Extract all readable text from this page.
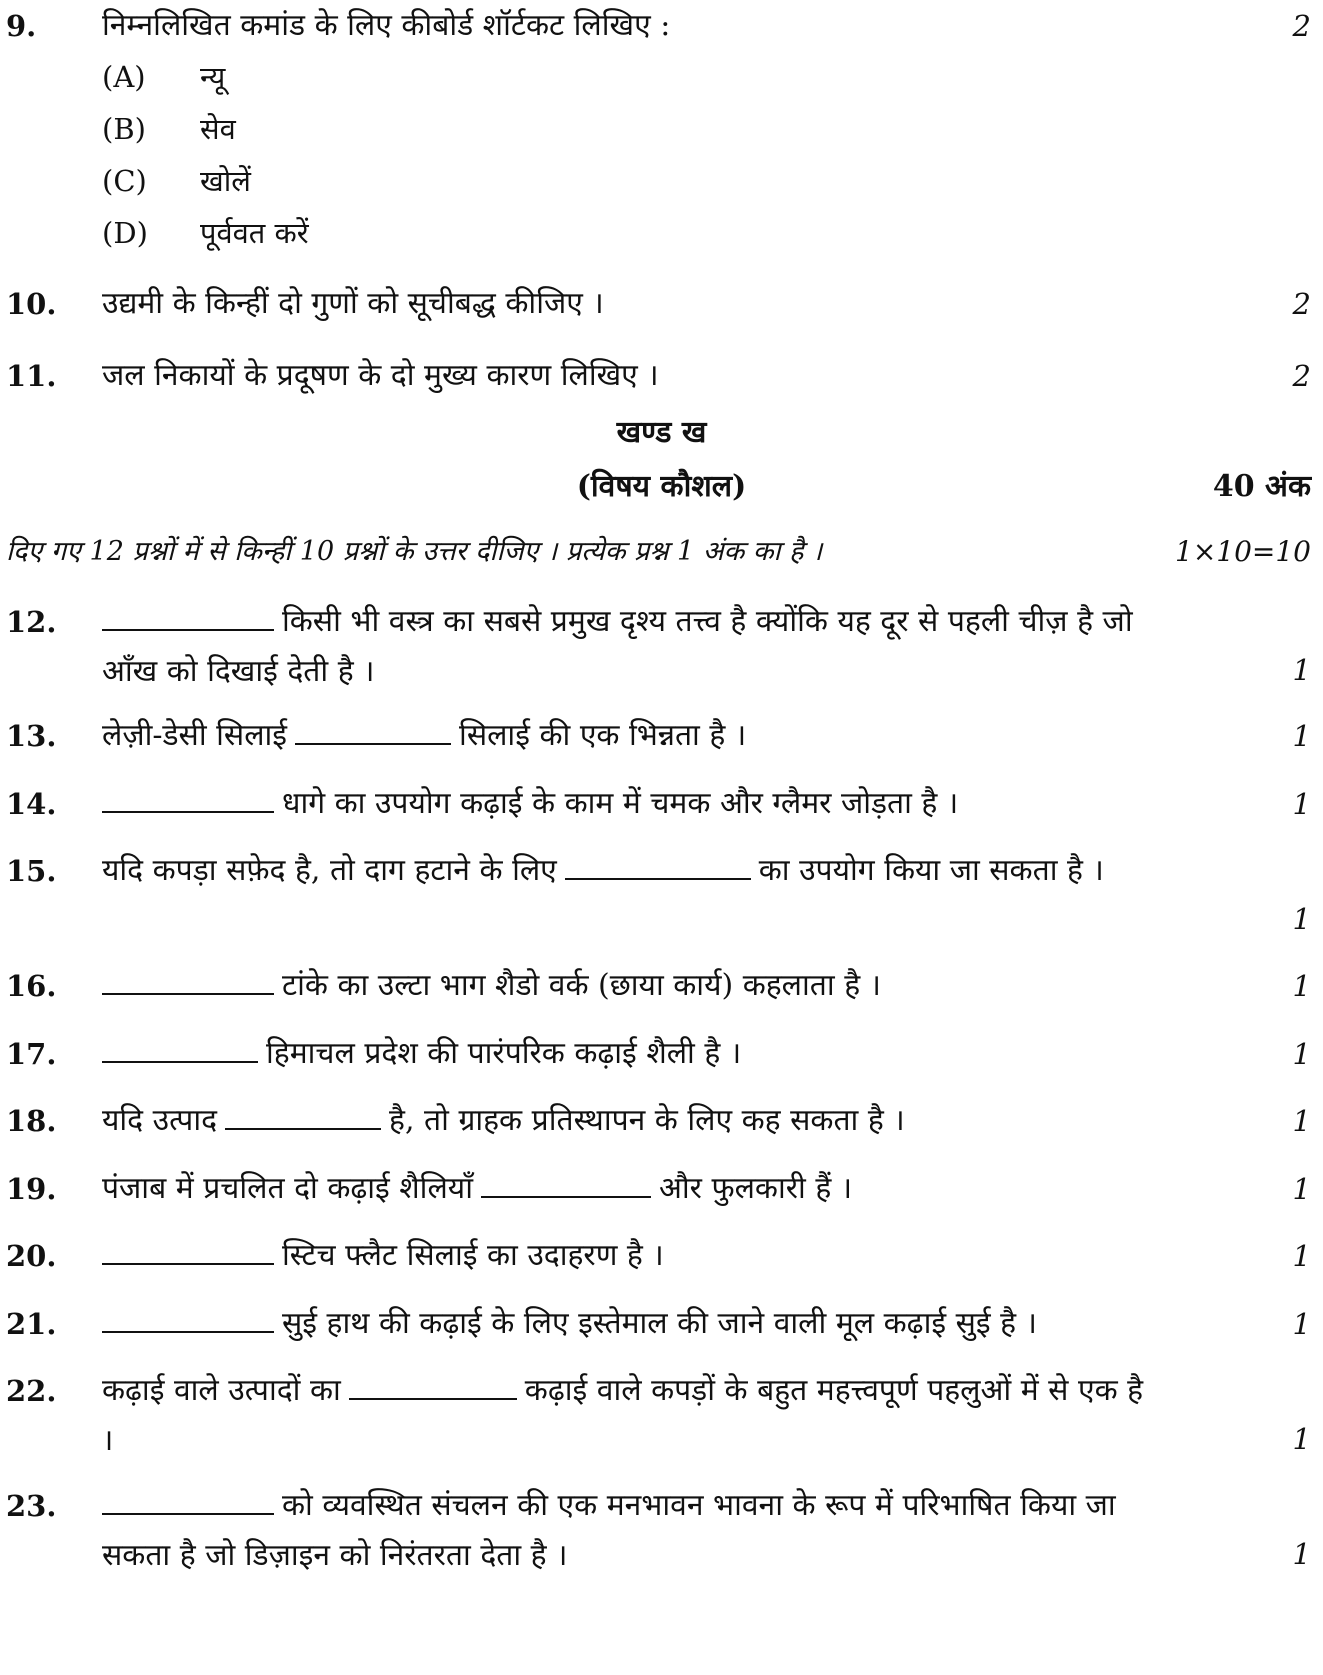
9. निम्नलिखित कमांड के लिए कीबोर्ड शॉर्टकट लिखिए :	2
(A) न्यू
(B) सेव
(C) खोलें
(D) पूर्ववत करें
10. उद्यमी के किन्हीं दो गुणों को सूचीबद्ध कीजिए ।	2
11. जल निकायों के प्रदूषण के दो मुख्य कारण लिखिए ।	2
खण्ड ख
(विषय कौशल)	40 अंक
दिए गए 12 प्रश्नों में से किन्हीं 10 प्रश्नों के उत्तर दीजिए । प्रत्येक प्रश्न 1 अंक का है ।	1×10=10
12.	किसी भी वस्त्र का सबसे प्रमुख दृश्य तत्त्व है क्योंकि यह दूर से पहली चीज़ है जो आँख को दिखाई देती है ।	1
13. लेज़ी-डेसी सिलाई	सिलाई की एक भिन्नता है ।	1
14.	धागे का उपयोग कढ़ाई के काम में चमक और ग्लैमर जोड़ता है ।	1
15. यदि कपड़ा सफ़ेद है, तो दाग हटाने के लिए	का उपयोग किया जा सकता है ।
1
16.	टांके का उल्टा भाग शैडो वर्क (छाया कार्य) कहलाता है ।	1
17.	हिमाचल प्रदेश की पारंपरिक कढ़ाई शैली है ।	1
18. यदि उत्पाद	है, तो ग्राहक प्रतिस्थापन के लिए कह सकता है ।	1
19. पंजाब में प्रचलित दो कढ़ाई शैलियाँ	और फुलकारी हैं ।	1
20.	स्टिच फ्लैट सिलाई का उदाहरण है ।	1
21.	सुई हाथ की कढ़ाई के लिए इस्तेमाल की जाने वाली मूल कढ़ाई सुई है ।	1
22. कढ़ाई वाले उत्पादों का	कढ़ाई वाले कपड़ों के बहुत महत्त्वपूर्ण पहलुओं में से एक है ।	1
23.	को व्यवस्थित संचलन की एक मनभावन भावना के रूप में परिभाषित किया जा सकता है जो डिज़ाइन को निरंतरता देता है ।	1
